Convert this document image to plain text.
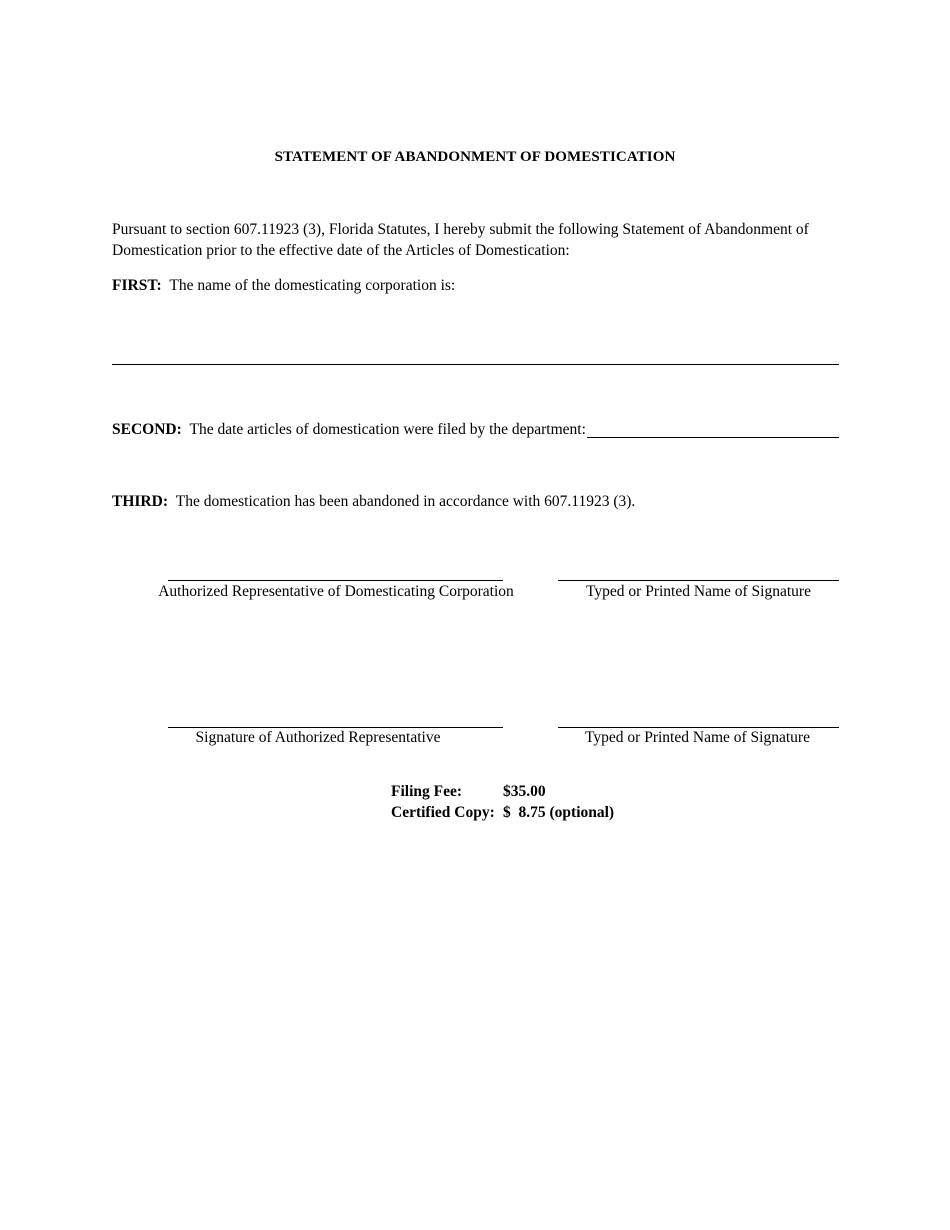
STATEMENT OF ABANDONMENT OF DOMESTICATION
Pursuant to section 607.11923 (3), Florida Statutes, I hereby submit the following Statement of Abandonment of Domestication prior to the effective date of the Articles of Domestication:
FIRST: The name of the domesticating corporation is:
SECOND: The date articles of domestication were filed by the department:
THIRD: The domestication has been abandoned in accordance with 607.11923 (3).
Authorized Representative of Domesticating Corporation	Typed or Printed Name of Signature
Signature of Authorized Representative	Typed or Printed Name of Signature
Filing Fee:	$35.00
Certified Copy: $  8.75 (optional)
